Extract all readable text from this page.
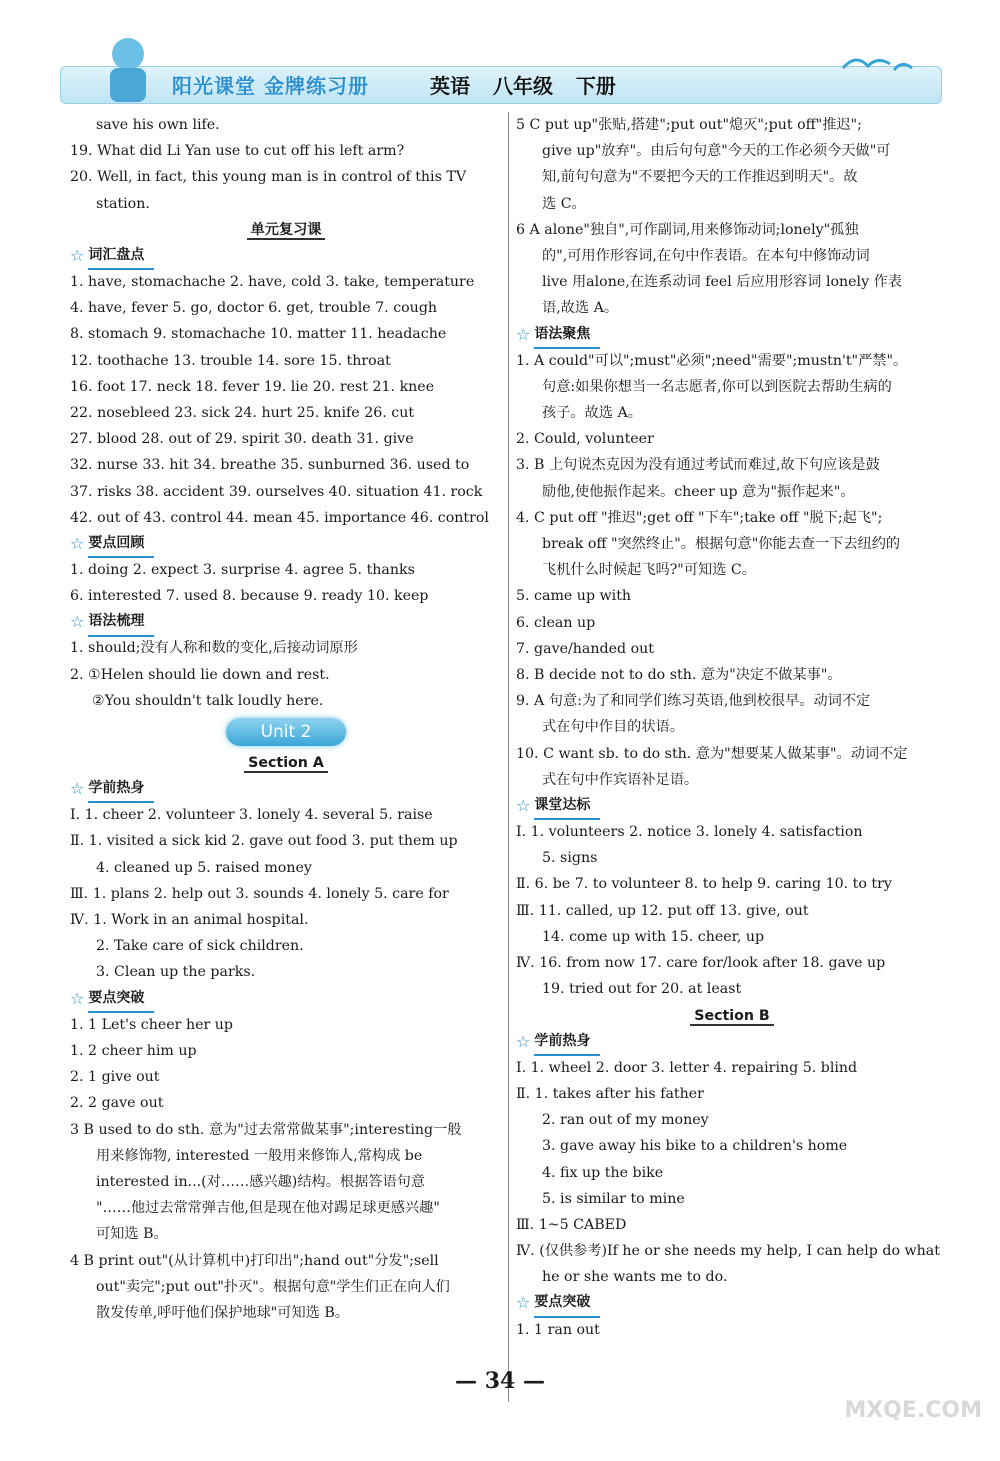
阳光课堂 金牌练习册	英语 八年级 下册
save his own life.
19. What did Li Yan use to cut off his left arm?
20. Well, in fact, this young man is in control of this TV
station.
单元复习课
☆ 词汇盘点
1. have, stomachache 2. have, cold 3. take, temperature
4. have, fever 5. go, doctor 6. get, trouble 7. cough
8. stomach 9. stomachache 10. matter 11. headache
12. toothache 13. trouble 14. sore 15. throat
16. foot 17. neck 18. fever 19. lie 20. rest 21. knee
22. nosebleed 23. sick 24. hurt 25. knife 26. cut
27. blood 28. out of 29. spirit 30. death 31. give
32. nurse 33. hit 34. breathe 35. sunburned 36. used to
37. risks 38. accident 39. ourselves 40. situation 41. rock
42. out of 43. control 44. mean 45. importance 46. control
☆ 要点回顾
1. doing 2. expect 3. surprise 4. agree 5. thanks
6. interested 7. used 8. because 9. ready 10. keep
☆ 语法梳理
1. should;没有人称和数的变化,后接动词原形
2. ①Helen should lie down and rest.
②You shouldn't talk loudly here.
Unit 2
Section A
☆ 学前热身
Ⅰ. 1. cheer 2. volunteer 3. lonely 4. several 5. raise
Ⅱ. 1. visited a sick kid 2. gave out food 3. put them up
4. cleaned up 5. raised money
Ⅲ. 1. plans 2. help out 3. sounds 4. lonely 5. care for
Ⅳ. 1. Work in an animal hospital.
2. Take care of sick children.
3. Clean up the parks.
☆ 要点突破
1. 1 Let's cheer her up
1. 2 cheer him up
2. 1 give out
2. 2 gave out
3 B used to do sth. 意为"过去常常做某事";interesting一般
用来修饰物, interested 一般用来修饰人,常构成 be
interested in...(对……感兴趣)结构。根据答语句意
"……他过去常常弹吉他,但是现在他对踢足球更感兴趣"
可知选 B。
4 B print out"(从计算机中)打印出";hand out"分发";sell
out"卖完";put out"扑灭"。根据句意"学生们正在向人们
散发传单,呼吁他们保护地球"可知选 B。
5 C put up"张贴,搭建";put out"熄灭";put off"推迟";
give up"放弃"。由后句句意"今天的工作必须今天做"可
知,前句句意为"不要把今天的工作推迟到明天"。故
选 C。
6 A alone"独自",可作副词,用来修饰动词;lonely"孤独
的",可用作形容词,在句中作表语。在本句中修饰动词
live 用alone,在连系动词 feel 后应用形容词 lonely 作表
语,故选 A。
☆ 语法聚焦
1. A could"可以";must"必须";need"需要";mustn't"严禁"。
句意:如果你想当一名志愿者,你可以到医院去帮助生病的
孩子。故选 A。
2. Could, volunteer
3. B 上句说杰克因为没有通过考试而难过,故下句应该是鼓
励他,使他振作起来。cheer up 意为"振作起来"。
4. C put off "推迟";get off "下车";take off "脱下;起飞";
break off "突然终止"。根据句意"你能去查一下去纽约的
飞机什么时候起飞吗?"可知选 C。
5. came up with
6. clean up
7. gave/handed out
8. B decide not to do sth. 意为"决定不做某事"。
9. A 句意:为了和同学们练习英语,他到校很早。动词不定
式在句中作目的状语。
10. C want sb. to do sth. 意为"想要某人做某事"。动词不定
式在句中作宾语补足语。
☆ 课堂达标
Ⅰ. 1. volunteers 2. notice 3. lonely 4. satisfaction
5. signs
Ⅱ. 6. be 7. to volunteer 8. to help 9. caring 10. to try
Ⅲ. 11. called, up 12. put off 13. give, out
14. come up with 15. cheer, up
Ⅳ. 16. from now 17. care for/look after 18. gave up
19. tried out for 20. at least
Section B
☆ 学前热身
Ⅰ. 1. wheel 2. door 3. letter 4. repairing 5. blind
Ⅱ. 1. takes after his father
2. ran out of my money
3. gave away his bike to a children's home
4. fix up the bike
5. is similar to mine
Ⅲ. 1~5 CABED
Ⅳ. (仅供参考)If he or she needs my help, I can help do what
he or she wants me to do.
☆ 要点突破
1. 1 ran out
— 34 —
MXQE.COM
